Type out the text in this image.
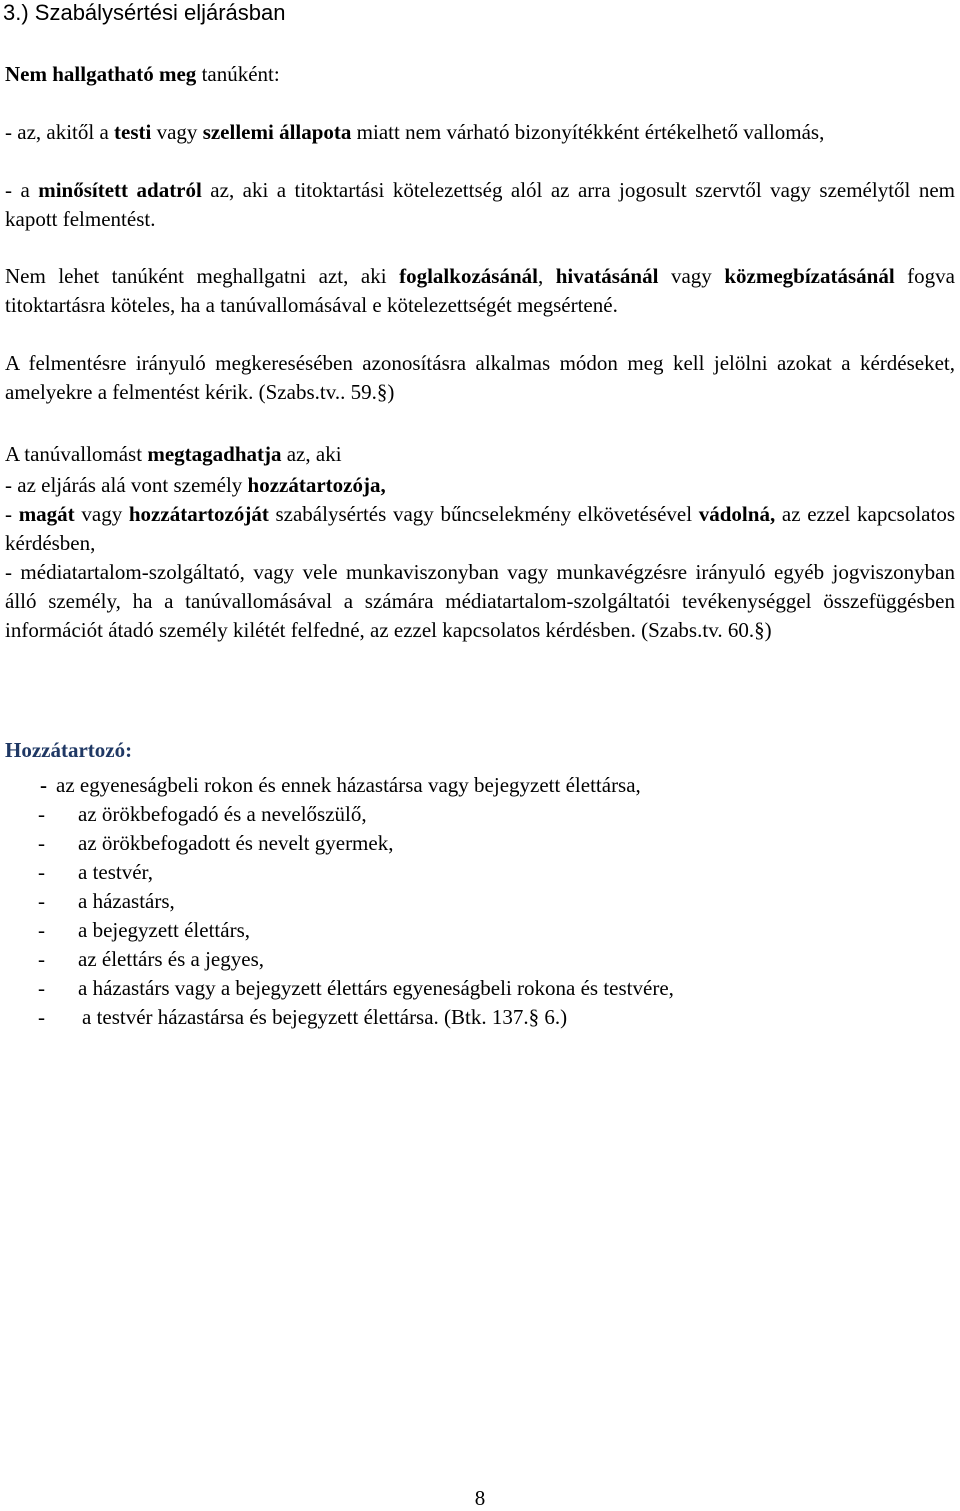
3.) Szabálysértési eljárásban

Nem hallgatható meg tanúként:

- az, akitől a testi vagy szellemi állapota miatt nem várható bizonyítékként értékelhető vallomás,

- a minősített adatról az, aki a titoktartási kötelezettség alól az arra jogosult szervtől vagy személytől nem kapott felmentést.

Nem lehet tanúként meghallgatni azt, aki foglalkozásánál, hivatásánál vagy közmegbízatásánál fogva titoktartásra köteles, ha a tanúvallomásával e kötelezettségét megsértené.

A felmentésre irányuló megkeresésében azonosításra alkalmas módon meg kell jelölni azokat a kérdéseket, amelyekre a felmentést kérik. (Szabs.tv.. 59.§)

A tanúvallomást megtagadhatja az, aki

- az eljárás alá vont személy hozzátartozója,

- magát vagy hozzátartozóját szabálysértés vagy bűncselekmény elkövetésével vádolná, az ezzel kapcsolatos kérdésben,

- médiatartalom-szolgáltató, vagy vele munkaviszonyban vagy munkavégzésre irányuló egyéb jogviszonyban álló személy, ha a tanúvallomásával a számára médiatartalom-szolgáltatói tevékenységgel összefüggésben információt átadó személy kilétét felfedné, az ezzel kapcsolatos kérdésben. (Szabs.tv. 60.§)

Hozzátartozó:

- az egyeneságbeli rokon és ennek házastársa vagy bejegyzett élettársa,
- az örökbefogadó és a nevelőszülő,
- az örökbefogadott és nevelt gyermek,
- a testvér,
- a házastárs,
- a bejegyzett élettárs,
- az élettárs és a jegyes,
- a házastárs vagy a bejegyzett élettárs egyeneságbeli rokona és testvére,
- a testvér házastársa és bejegyzett élettársa. (Btk. 137.§ 6.)
8
